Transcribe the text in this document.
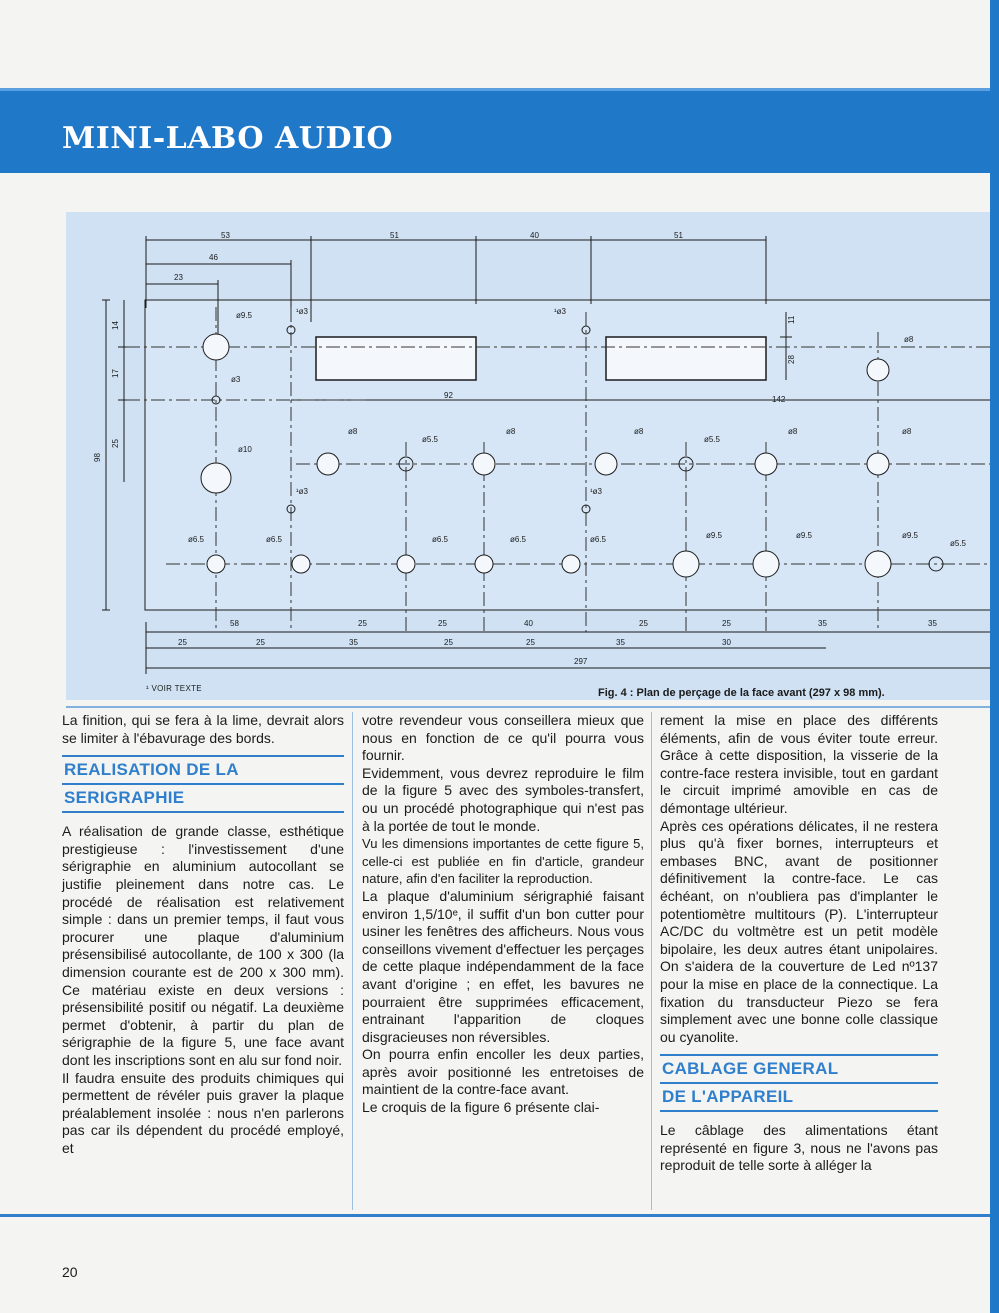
MINI-LABO AUDIO
53
46
23
51	40	51
14
17
25
98
11
28
92	142
58	25	25	40	25	25	35	35
25	25	35	25	25	35	30
297
ø9.5
ø3
ø10
¹ø3	¹ø3
ø8
ø8
ø5.5
ø8	ø8
ø5.5
ø8	ø8
¹ø3	¹ø3
ø6.5	ø6.5	ø6.5	ø6.5	ø6.5	ø9.5	ø9.5	ø9.5
ø5.5
¹ VOIR TEXTE	Fig. 4 : Plan de perçage de la face avant (297 x 98 mm).

La finition, qui se fera à la lime, devrait alors se limiter à l'ébavurage des bords.

REALISATION DE LA
SERIGRAPHIE

A réalisation de grande classe, esthétique prestigieuse : l'investissement d'une sérigraphie en aluminium autocollant se justifie pleinement dans notre cas. Le procédé de réalisation est relativement simple : dans un premier temps, il faut vous procurer une plaque d'aluminium présensibilisé autocollante, de 100 x 300 (la dimension courante est de 200 x 300 mm). Ce matériau existe en deux versions : présensibilité positif ou négatif. La deuxième permet d'obtenir, à partir du plan de sérigraphie de la figure 5, une face avant dont les inscriptions sont en alu sur fond noir.

Il faudra ensuite des produits chimiques qui permettent de révéler puis graver la plaque préalablement insolée : nous n'en parlerons pas car ils dépendent du procédé employé, et

votre revendeur vous conseillera mieux que nous en fonction de ce qu'il pourra vous fournir.

Evidemment, vous devrez reproduire le film de la figure 5 avec des symboles-transfert, ou un procédé photographique qui n'est pas à la portée de tout le monde.

Vu les dimensions importantes de cette figure 5, celle-ci est publiée en fin d'article, grandeur nature, afin d'en faciliter la reproduction.

La plaque d'aluminium sérigraphié faisant environ 1,5/10ᵉ, il suffit d'un bon cutter pour usiner les fenêtres des afficheurs. Nous vous conseillons vivement d'effectuer les perçages de cette plaque indépendamment de la face avant d'origine ; en effet, les bavures ne pourraient être supprimées efficacement, entrainant l'apparition de cloques disgracieuses non réversibles.

On pourra enfin encoller les deux parties, après avoir positionné les entretoises de maintient de la contre-face avant.

Le croquis de la figure 6 présente clai-

rement la mise en place des différents éléments, afin de vous éviter toute erreur. Grâce à cette disposition, la visserie de la contre-face restera invisible, tout en gardant le circuit imprimé amovible en cas de démontage ultérieur.

Après ces opérations délicates, il ne restera plus qu'à fixer bornes, interrupteurs et embases BNC, avant de positionner définitivement la contre-face. Le cas échéant, on n'oubliera pas d'implanter le potentiomètre multitours (P). L'interrupteur AC/DC du voltmètre est un petit modèle bipolaire, les deux autres étant unipolaires. On s'aidera de la couverture de Led nº137 pour la mise en place de la connectique. La fixation du transducteur Piezo se fera simplement avec une bonne colle classique ou cyanolite.

CABLAGE GENERAL
DE L'APPAREIL

Le câblage des alimentations étant représenté en figure 3, nous ne l'avons pas reproduit de telle sorte à alléger la

20
